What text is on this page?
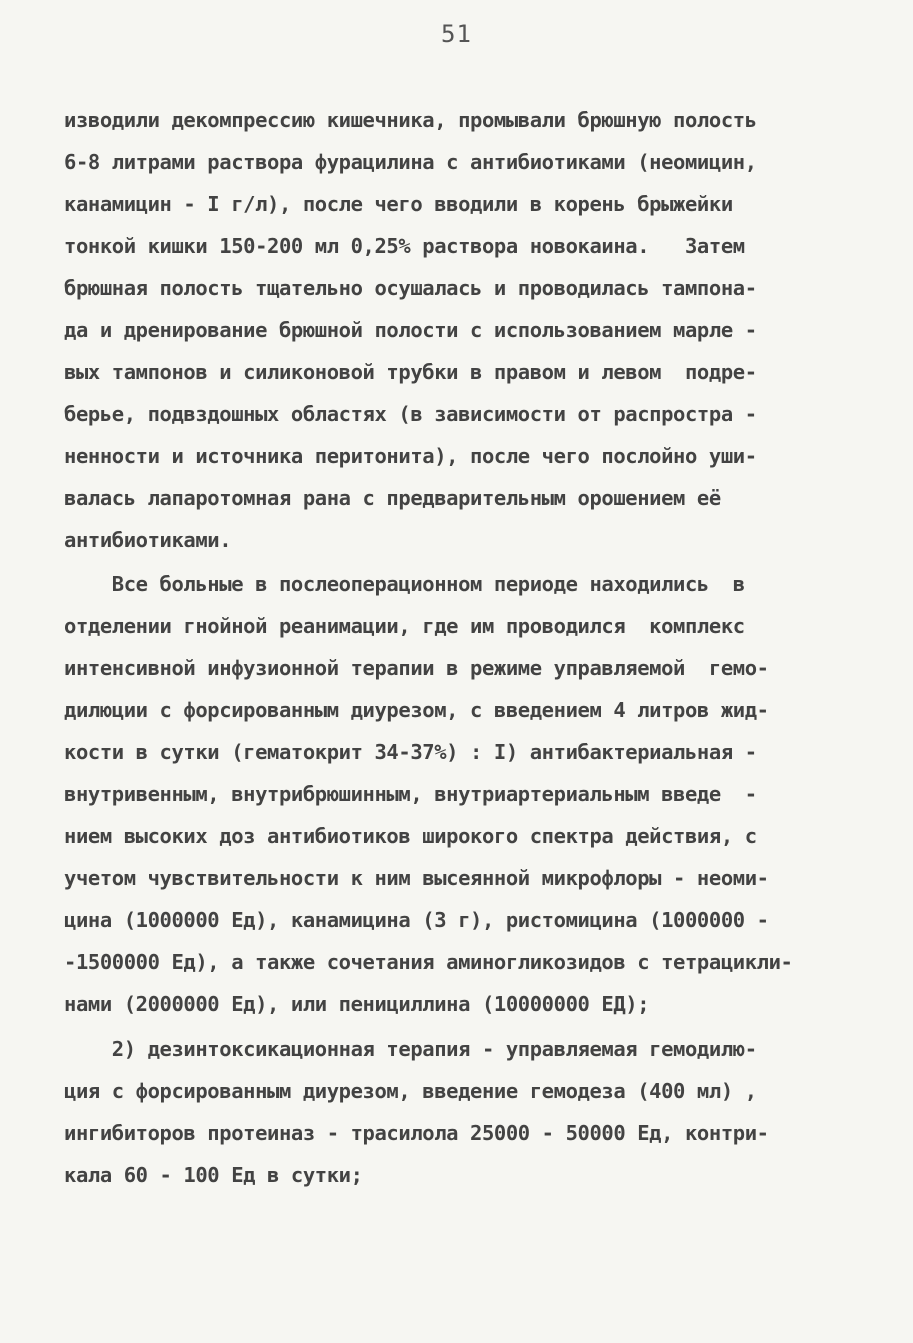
51
изводили декомпрессию кишечника, промывали брюшную полость
6-8 литрами раствора фурацилина с антибиотиками (неомицин,
канамицин - I г/л), после чего вводили в корень брыжейки
тонкой кишки 150-200 мл 0,25% раствора новокаина.   Затем
брюшная полость тщательно осушалась и проводилась тампона-
да и дренирование брюшной полости с использованием марле -
вых тампонов и силиконовой трубки в правом и левом  подре-
берье, подвздошных областях (в зависимости от распростра -
ненности и источника перитонита), после чего послойно уши-
валась лапаротомная рана с предварительным орошением её
антибиотиками.
Все больные в послеоперационном периоде находились  в
отделении гнойной реанимации, где им проводился  комплекс
интенсивной инфузионной терапии в режиме управляемой  гемо-
дилюции с форсированным диурезом, с введением 4 литров жид-
кости в сутки (гематокрит 34-37%) : I) антибактериальная -
внутривенным, внутрибрюшинным, внутриартериальным введе  -
нием высоких доз антибиотиков широкого спектра действия, с
учетом чувствительности к ним высеянной микрофлоры - неоми-
цина (1000000 Ед), канамицина (3 г), ристомицина (1000000 -
-1500000 Ед), а также сочетания аминогликозидов с тетрацикли-
нами (2000000 Ед), или пенициллина (10000000 ЕД);
2) дезинтоксикационная терапия - управляемая гемодилю-
ция с форсированным диурезом, введение гемодеза (400 мл) ,
ингибиторов протеиназ - трасилола 25000 - 50000 Ед, контри-
кала 60 - 100 Ед в сутки;
